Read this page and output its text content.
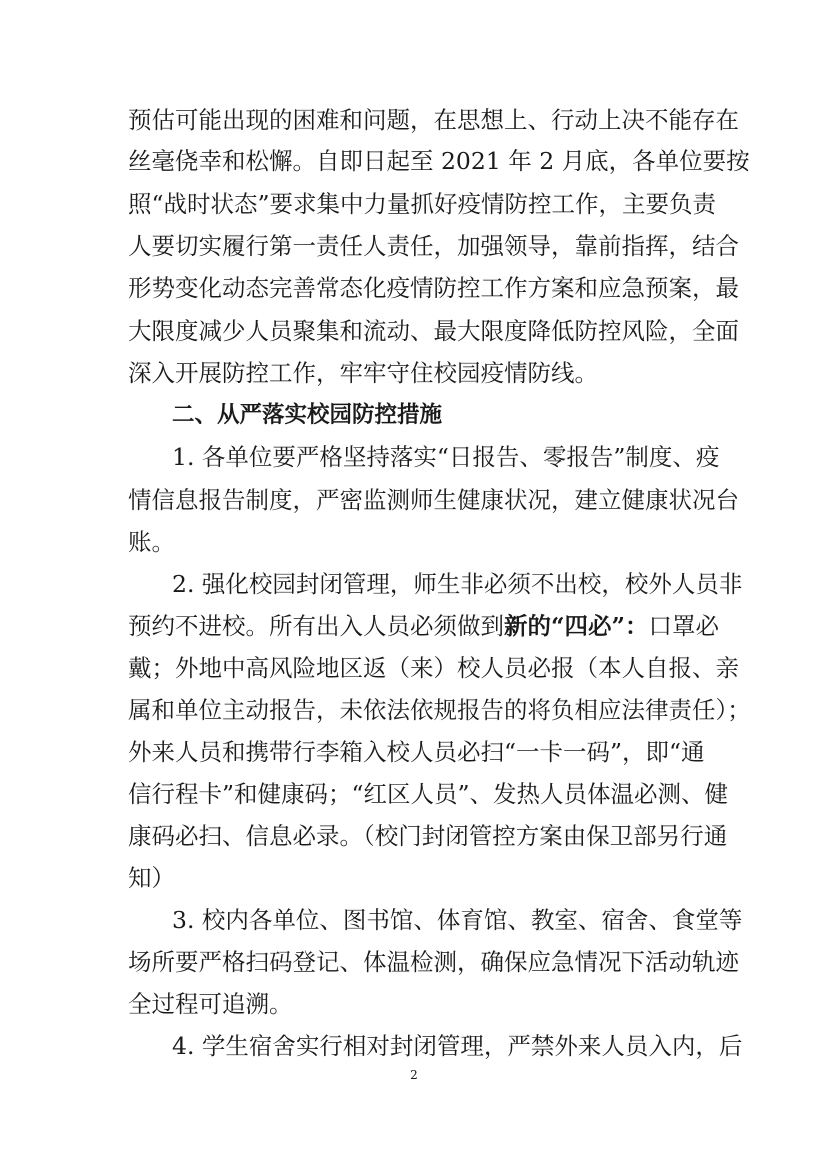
预估可能出现的困难和问题，在思想上、行动上决不能存在
丝毫侥幸和松懈。自即日起至 2021 年 2 月底，各单位要按
照“战时状态”要求集中力量抓好疫情防控工作，主要负责
人要切实履行第一责任人责任，加强领导，靠前指挥，结合
形势变化动态完善常态化疫情防控工作方案和应急预案，最
大限度减少人员聚集和流动、最大限度降低防控风险，全面
深入开展防控工作，牢牢守住校园疫情防线。
二、从严落实校园防控措施
1. 各单位要严格坚持落实“日报告、零报告”制度、疫
情信息报告制度，严密监测师生健康状况，建立健康状况台
账。
2. 强化校园封闭管理，师生非必须不出校，校外人员非
预约不进校。所有出入人员必须做到新的“四必”：口罩必
戴；外地中高风险地区返（来）校人员必报（本人自报、亲
属和单位主动报告，未依法依规报告的将负相应法律责任）；
外来人员和携带行李箱入校人员必扫“一卡一码”，即“通
信行程卡”和健康码；“红区人员”、发热人员体温必测、健
康码必扫、信息必录。（校门封闭管控方案由保卫部另行通
知）
3. 校内各单位、图书馆、体育馆、教室、宿舍、食堂等
场所要严格扫码登记、体温检测，确保应急情况下活动轨迹
全过程可追溯。
4. 学生宿舍实行相对封闭管理，严禁外来人员入内，后
2
